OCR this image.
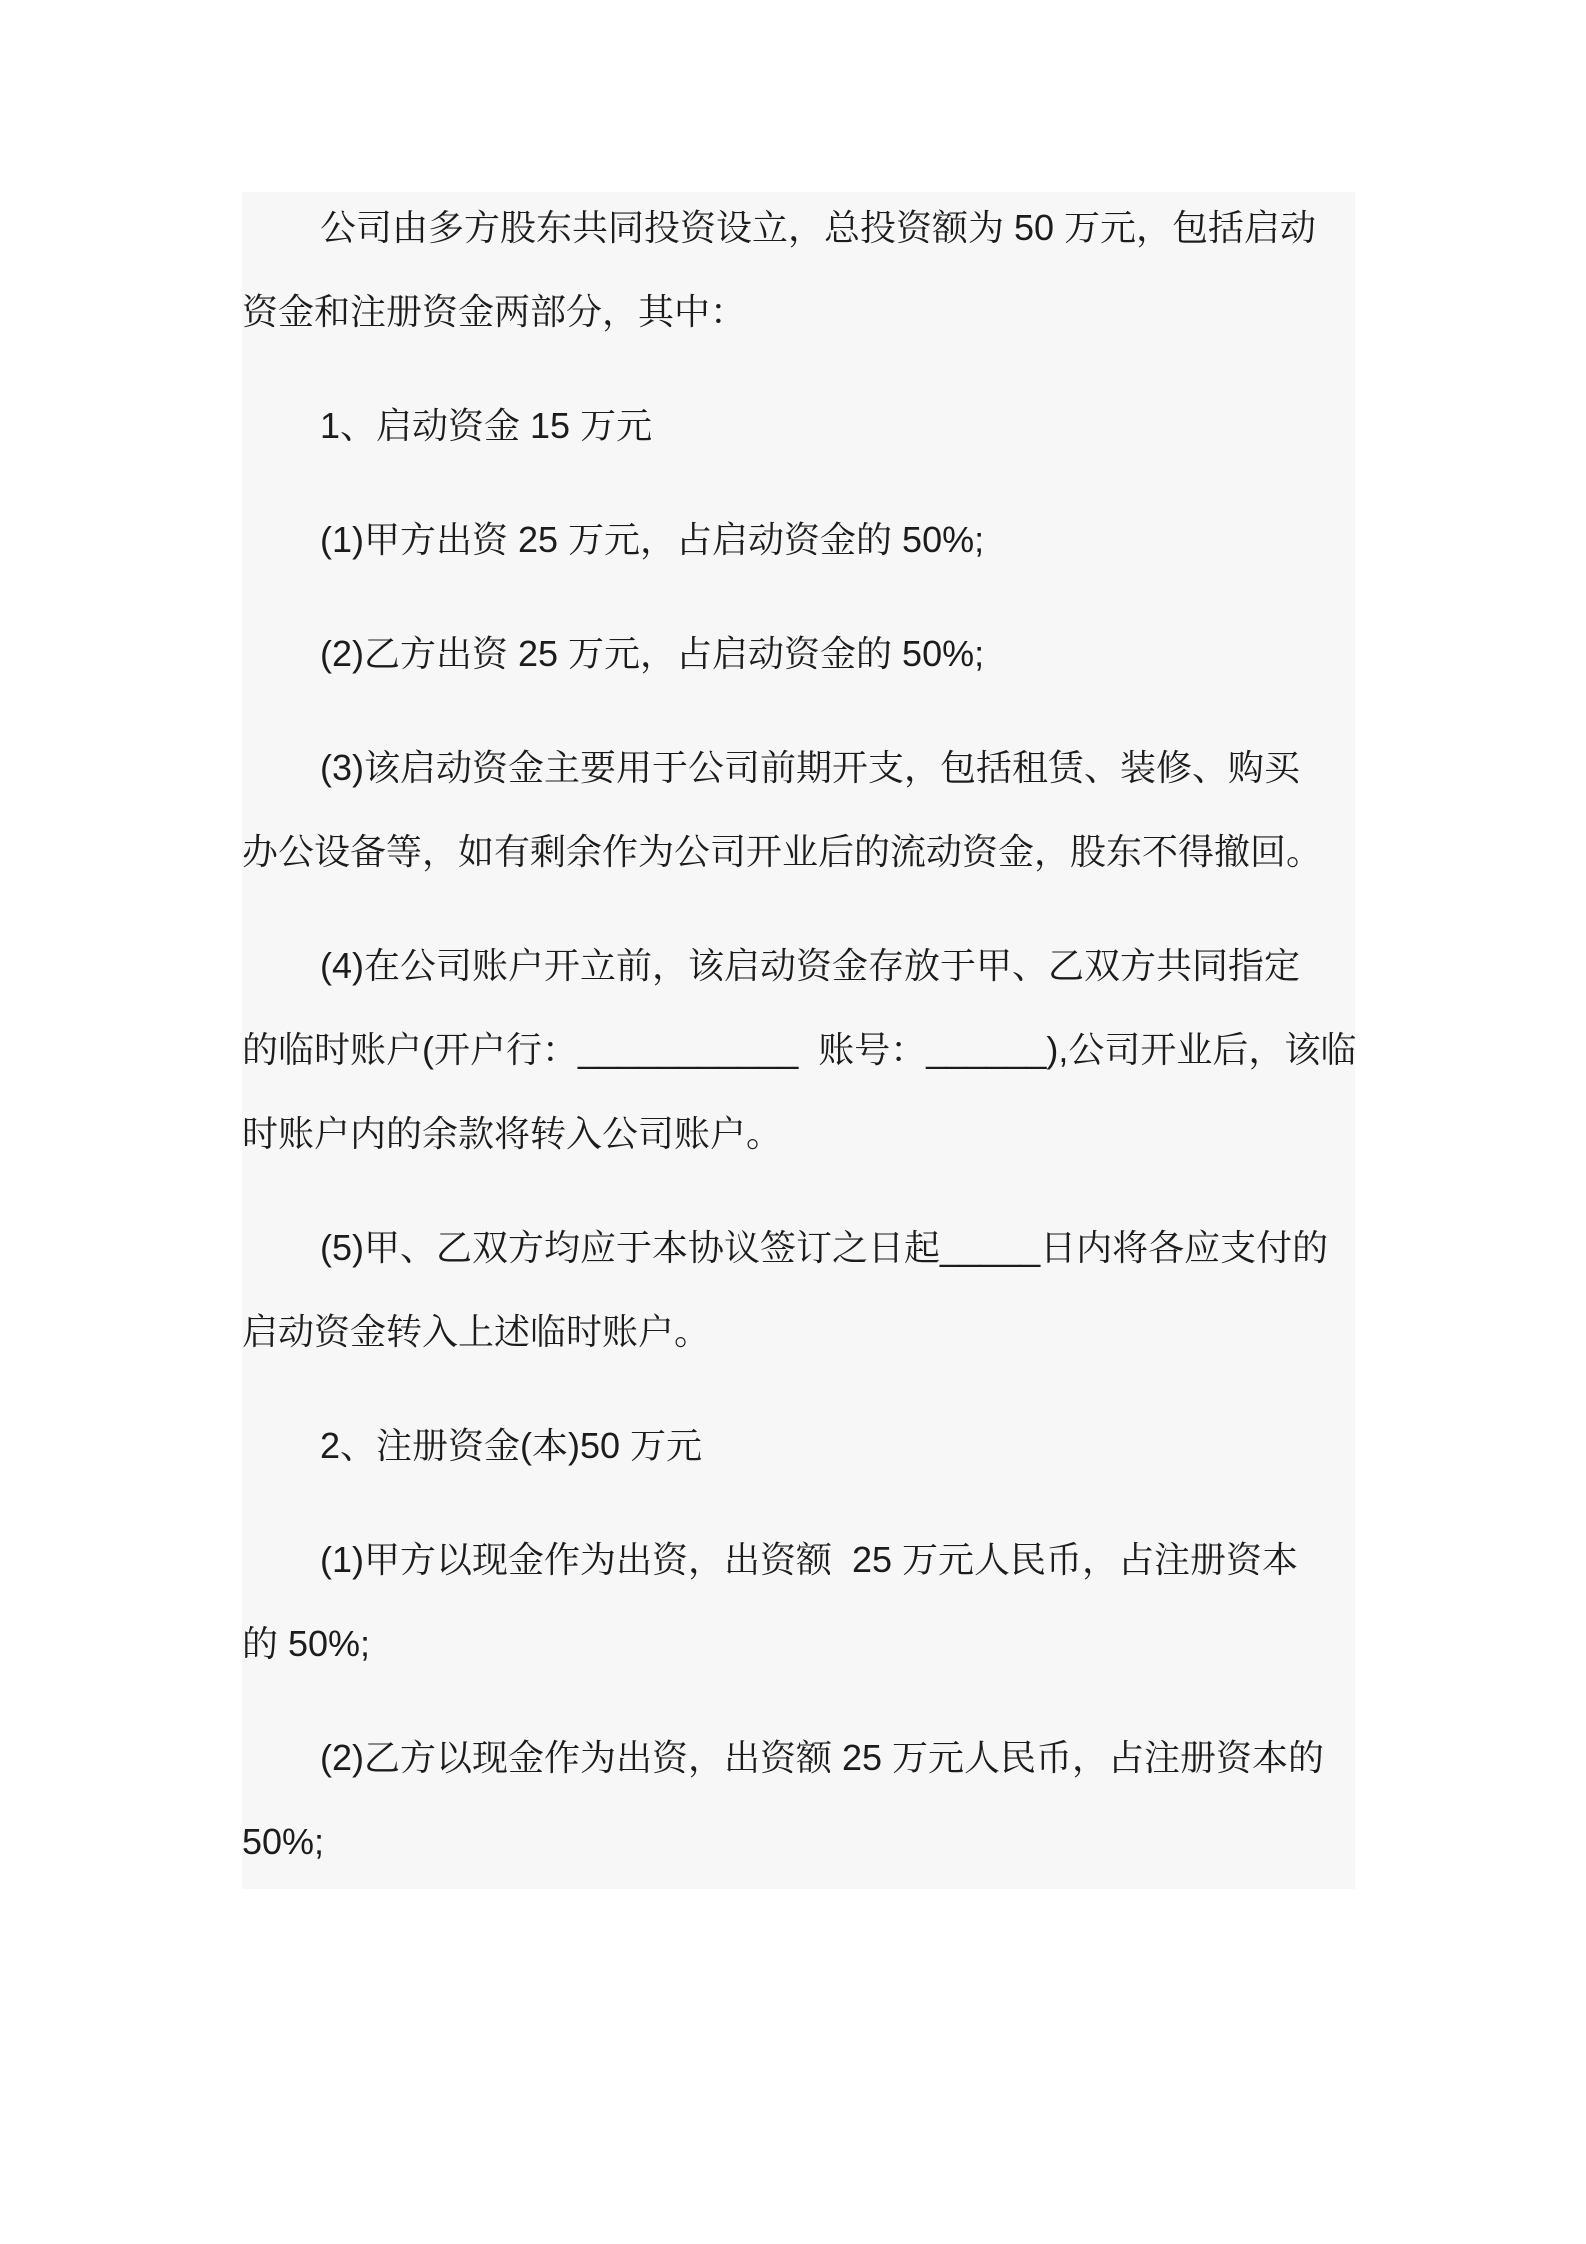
公司由多方股东共同投资设立，总投资额为 50 万元，包括启动
资金和注册资金两部分，其中：
1、启动资金 15 万元
(1)甲方出资 25 万元，占启动资金的 50%;
(2)乙方出资 25 万元，占启动资金的 50%;
(3)该启动资金主要用于公司前期开支，包括租赁、装修、购买
办公设备等，如有剩余作为公司开业后的流动资金，股东不得撤回。
(4)在公司账户开立前，该启动资金存放于甲、乙双方共同指定
的临时账户(开户行：___________  账号：______),公司开业后，该临
时账户内的余款将转入公司账户。
(5)甲、乙双方均应于本协议签订之日起_____日内将各应支付的
启动资金转入上述临时账户。
2、注册资金(本)50 万元
(1)甲方以现金作为出资，出资额  25 万元人民币，占注册资本
的 50%;
(2)乙方以现金作为出资，出资额 25 万元人民币，占注册资本的
50%;
